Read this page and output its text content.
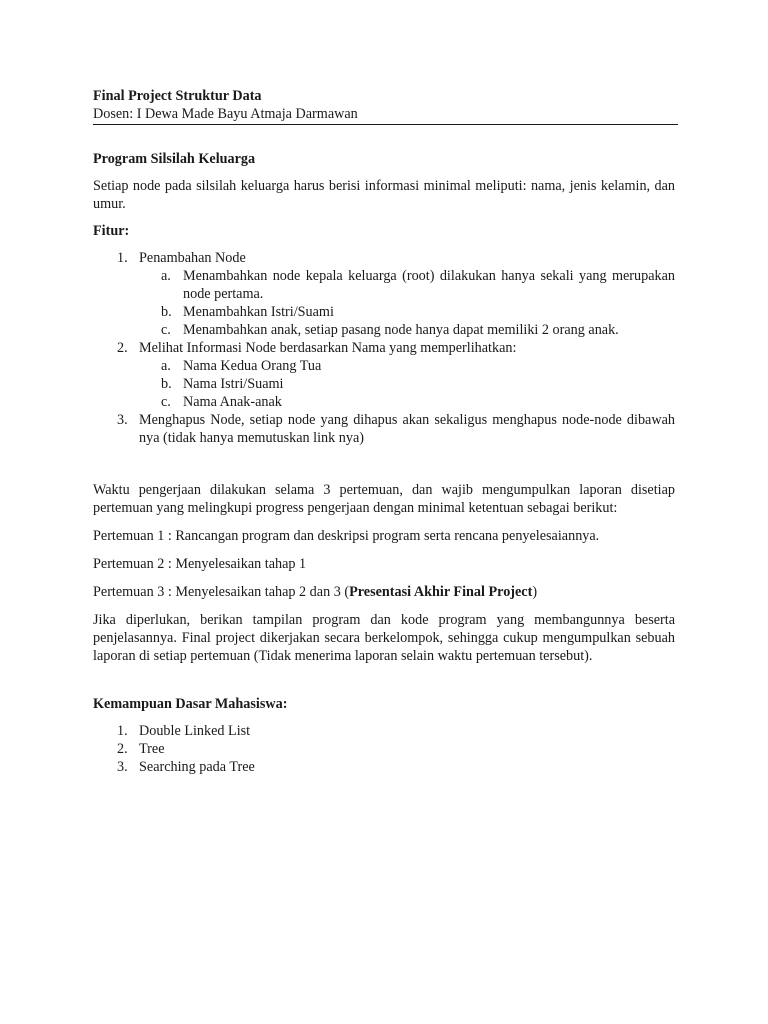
Final Project Struktur Data
Dosen: I Dewa Made Bayu Atmaja Darmawan
Program Silsilah Keluarga

Setiap node pada silsilah keluarga harus berisi informasi minimal meliputi: nama, jenis kelamin, dan umur.

Fitur:
1. Penambahan Node
a. Menambahkan node kepala keluarga (root) dilakukan hanya sekali yang merupakan node pertama.
b. Menambahkan Istri/Suami
c. Menambahkan anak, setiap pasang node hanya dapat memiliki 2 orang anak.
2. Melihat Informasi Node berdasarkan Nama yang memperlihatkan:
a. Nama Kedua Orang Tua
b. Nama Istri/Suami
c. Nama Anak-anak
3. Menghapus Node, setiap node yang dihapus akan sekaligus menghapus node-node dibawah nya (tidak hanya memutuskan link nya)

Waktu pengerjaan dilakukan selama 3 pertemuan, dan wajib mengumpulkan laporan disetiap pertemuan yang melingkupi progress pengerjaan dengan minimal ketentuan sebagai berikut:

Pertemuan 1 : Rancangan program dan deskripsi program serta rencana penyelesaiannya.

Pertemuan 2 : Menyelesaikan tahap 1

Pertemuan 3 : Menyelesaikan tahap 2 dan 3 (Presentasi Akhir Final Project)

Jika diperlukan, berikan tampilan program dan kode program yang membangunnya beserta penjelasannya. Final project dikerjakan secara berkelompok, sehingga cukup mengumpulkan sebuah laporan di setiap pertemuan (Tidak menerima laporan selain waktu pertemuan tersebut).

Kemampuan Dasar Mahasiswa:
1. Double Linked List
2. Tree
3. Searching pada Tree
